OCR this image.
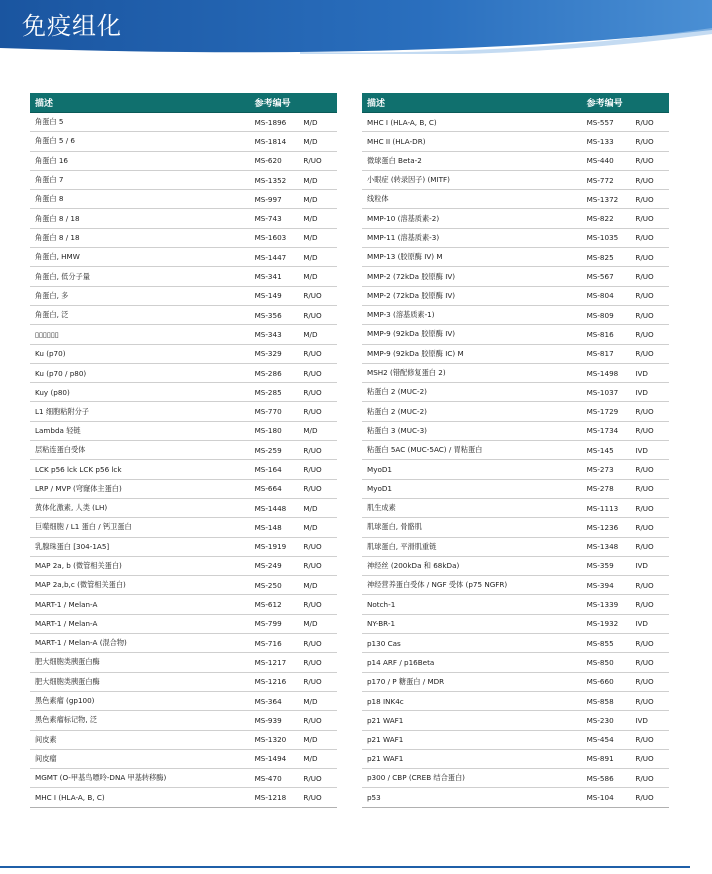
免疫组化
描述	参考编号	
角蛋白 5	MS-1896	M/D
角蛋白 5 / 6	MS-1814	M/D
角蛋白 16	MS-620	R/UO
角蛋白 7	MS-1352	M/D
角蛋白 8	MS-997	M/D
角蛋白 8 / 18	MS-743	M/D
角蛋白 8 / 18	MS-1603	M/D
角蛋白, HMW	MS-1447	M/D
角蛋白, 低分子量	MS-341	M/D
角蛋白, 多	MS-149	R/UO
角蛋白, 泛	MS-356	R/UO
▯▯▯▯▯▯	MS-343	M/D
Ku (p70)	MS-329	R/UO
Ku (p70 / p80)	MS-286	R/UO
Kuy (p80)	MS-285	R/UO
L1 细胞粘附分子	MS-770	R/UO
Lambda 轻链	MS-180	M/D
层粘连蛋白受体	MS-259	R/UO
LCK p56 lck LCK p56 lck	MS-164	R/UO
LRP / MVP (穹窿体主蛋白)	MS-664	R/UO
黄体化激素, 人类 (LH)	MS-1448	M/D
巨噬细胞 / L1 蛋白 / 钙卫蛋白	MS-148	M/D
乳腺珠蛋白 [304-1A5]	MS-1919	R/UO
MAP 2a, b (微管相关蛋白)	MS-249	R/UO
MAP 2a,b,c (微管相关蛋白)	MS-250	M/D
MART-1 / Melan-A	MS-612	R/UO
MART-1 / Melan-A	MS-799	M/D
MART-1 / Melan-A (混合物)	MS-716	R/UO
肥大细胞类胰蛋白酶	MS-1217	R/UO
肥大细胞类胰蛋白酶	MS-1216	R/UO
黑色素瘤 (gp100)	MS-364	M/D
黑色素瘤标记物, 泛	MS-939	R/UO
间皮素	MS-1320	M/D
间皮瘤	MS-1494	M/D
MGMT (O-甲基鸟嘌呤-DNA 甲基转移酶)	MS-470	R/UO
MHC I (HLA-A, B, C)	MS-1218	R/UO
描述	参考编号	
MHC I (HLA-A, B, C)	MS-557	R/UO
MHC II (HLA-DR)	MS-133	R/UO
微球蛋白 Beta-2	MS-440	R/UO
小眼症 (转录因子) (MITF)	MS-772	R/UO
线粒体	MS-1372	R/UO
MMP-10 (溶基质素-2)	MS-822	R/UO
MMP-11 (溶基质素-3)	MS-1035	R/UO
MMP-13 (胶原酶 IV) M	MS-825	R/UO
MMP-2 (72kDa 胶原酶 IV)	MS-567	R/UO
MMP-2 (72kDa 胶原酶 IV)	MS-804	R/UO
MMP-3 (溶基质素-1)	MS-809	R/UO
MMP-9 (92kDa 胶原酶 IV)	MS-816	R/UO
MMP-9 (92kDa 胶原酶 IC) M	MS-817	R/UO
MSH2 (错配修复蛋白 2)	MS-1498	IVD
粘蛋白 2 (MUC-2)	MS-1037	IVD
粘蛋白 2 (MUC-2)	MS-1729	R/UO
粘蛋白 3 (MUC-3)	MS-1734	R/UO
粘蛋白 5AC (MUC-5AC) / 胃粘蛋白	MS-145	IVD
MyoD1	MS-273	R/UO
MyoD1	MS-278	R/UO
肌生成素	MS-1113	R/UO
肌球蛋白, 骨骼肌	MS-1236	R/UO
肌球蛋白, 平滑肌重链	MS-1348	R/UO
神经丝 (200kDa 和 68kDa)	MS-359	IVD
神经营养蛋白受体 / NGF 受体 (p75 NGFR)	MS-394	R/UO
Notch-1	MS-1339	R/UO
NY-BR-1	MS-1932	IVD
p130 Cas	MS-855	R/UO
p14 ARF / p16Beta	MS-850	R/UO
p170 / P 糖蛋白 / MDR	MS-660	R/UO
p18 INK4c	MS-858	R/UO
p21 WAF1	MS-230	IVD
p21 WAF1	MS-454	R/UO
p21 WAF1	MS-891	R/UO
p300 / CBP (CREB 结合蛋白)	MS-586	R/UO
p53	MS-104	R/UO
